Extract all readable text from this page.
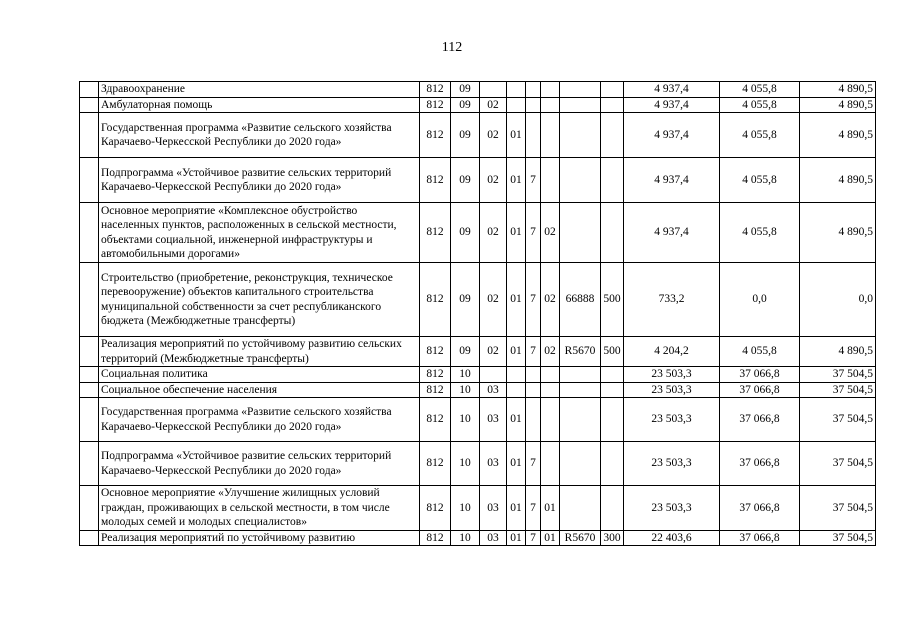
112
	Здравоохранение	812	09							4 937,4	4 055,8	4 890,5
	Амбулаторная помощь	812	09	02						4 937,4	4 055,8	4 890,5
	Государственная программа «Развитие сельского хозяйства Карачаево-Черкесской Республики до 2020 года»	812	09	02	01					4 937,4	4 055,8	4 890,5
	Подпрограмма «Устойчивое развитие сельских территорий Карачаево-Черкесской Республики до 2020 года»	812	09	02	01	7				4 937,4	4 055,8	4 890,5
	Основное мероприятие «Комплексное обустройство населенных пунктов, расположенных в сельской местности, объектами социальной, инженерной инфраструктуры и автомобильными дорогами»	812	09	02	01	7	02			4 937,4	4 055,8	4 890,5
	Строительство (приобретение, реконструкция, техническое перевооружение) объектов капитального строительства муниципальной собственности за счет республиканского бюджета (Межбюджетные трансферты)	812	09	02	01	7	02	66888	500	733,2	0,0	0,0
	Реализация мероприятий по устойчивому развитию сельских территорий (Межбюджетные трансферты)	812	09	02	01	7	02	R5670	500	4 204,2	4 055,8	4 890,5
	Социальная политика	812	10							23 503,3	37 066,8	37 504,5
	Социальное обеспечение населения	812	10	03						23 503,3	37 066,8	37 504,5
	Государственная программа «Развитие сельского хозяйства Карачаево-Черкесской Республики до 2020 года»	812	10	03	01					23 503,3	37 066,8	37 504,5
	Подпрограмма «Устойчивое развитие сельских территорий Карачаево-Черкесской Республики до 2020 года»	812	10	03	01	7				23 503,3	37 066,8	37 504,5
	Основное мероприятие «Улучшение жилищных условий граждан, проживающих в сельской местности, в том числе молодых семей и молодых специалистов»	812	10	03	01	7	01			23 503,3	37 066,8	37 504,5
	Реализация мероприятий по устойчивому развитию	812	10	03	01	7	01	R5670	300	22 403,6	37 066,8	37 504,5
